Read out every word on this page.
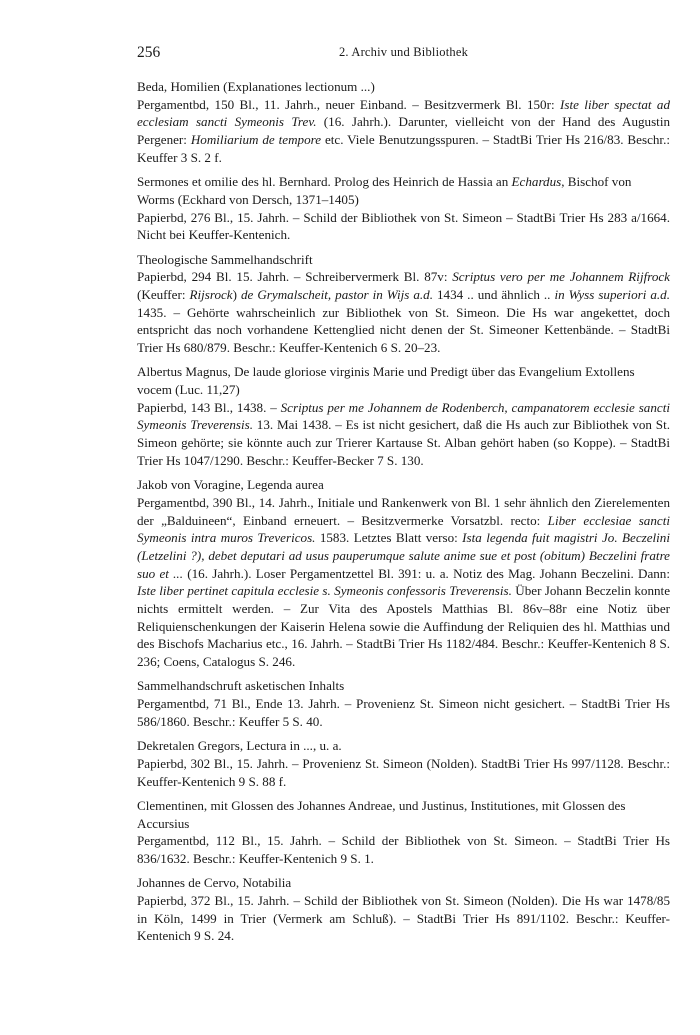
256	2. Archiv und Bibliothek

Beda, Homilien (Explanationes lectionum ...)

Pergamentbd, 150 Bl., 11. Jahrh., neuer Einband. – Besitzvermerk Bl. 150r: Iste liber spectat ad ecclesiam sancti Symeonis Trev. (16. Jahrh.). Darunter, vielleicht von der Hand des Augustin Pergener: Homiliarium de tempore etc. Viele Benutzungsspuren. – StadtBi Trier Hs 216/83. Beschr.: Keuffer 3 S. 2 f.

Sermones et omilie des hl. Bernhard. Prolog des Heinrich de Hassia an Echardus, Bischof von Worms (Eckhard von Dersch, 1371–1405)

Papierbd, 276 Bl., 15. Jahrh. – Schild der Bibliothek von St. Simeon – StadtBi Trier Hs 283 a/1664. Nicht bei Keuffer-Kentenich.

Theologische Sammelhandschrift

Papierbd, 294 Bl. 15. Jahrh. – Schreibervermerk Bl. 87v: Scriptus vero per me Johannem Rijfrock (Keuffer: Rijsrock) de Grymalscheit, pastor in Wijs a.d. 1434 .. und ähnlich .. in Wyss superiori a.d. 1435. – Gehörte wahrscheinlich zur Bibliothek von St. Simeon. Die Hs war angekettet, doch entspricht das noch vorhandene Kettenglied nicht denen der St. Simeoner Kettenbände. – StadtBi Trier Hs 680/879. Beschr.: Keuffer-Kentenich 6 S. 20–23.

Albertus Magnus, De laude gloriose virginis Marie und Predigt über das Evangelium Extollens vocem (Luc. 11,27)

Papierbd, 143 Bl., 1438. – Scriptus per me Johannem de Rodenberch, campanatorem ecclesie sancti Symeonis Treverensis. 13. Mai 1438. – Es ist nicht gesichert, daß die Hs auch zur Bibliothek von St. Simeon gehörte; sie könnte auch zur Trierer Kartause St. Alban gehört haben (so Koppe). – StadtBi Trier Hs 1047/1290. Beschr.: Keuffer-Becker 7 S. 130.

Jakob von Voragine, Legenda aurea

Pergamentbd, 390 Bl., 14. Jahrh., Initiale und Rankenwerk von Bl. 1 sehr ähnlich den Zierelementen der „Balduineen“, Einband erneuert. – Besitzvermerke Vorsatzbl. recto: Liber ecclesiae sancti Symeonis intra muros Trevericos. 1583. Letztes Blatt verso: Ista legenda fuit magistri Jo. Beczelini (Letzelini ?), debet deputari ad usus pauperumque salute anime sue et post (obitum) Beczelini fratre suo et ... (16. Jahrh.). Loser Pergamentzettel Bl. 391: u. a. Notiz des Mag. Johann Beczelini. Dann: Iste liber pertinet capitula ecclesie s. Symeonis confessoris Treverensis. Über Johann Beczelin konnte nichts ermittelt werden. – Zur Vita des Apostels Matthias Bl. 86v–88r eine Notiz über Reliquienschenkungen der Kaiserin Helena sowie die Auffindung der Reliquien des hl. Matthias und des Bischofs Macharius etc., 16. Jahrh. – StadtBi Trier Hs 1182/484. Beschr.: Keuffer-Kentenich 8 S. 236; Coens, Catalogus S. 246.

Sammelhandschruft asketischen Inhalts

Pergamentbd, 71 Bl., Ende 13. Jahrh. – Provenienz St. Simeon nicht gesichert. – StadtBi Trier Hs 586/1860. Beschr.: Keuffer 5 S. 40.

Dekretalen Gregors, Lectura in ..., u. a.

Papierbd, 302 Bl., 15. Jahrh. – Provenienz St. Simeon (Nolden). StadtBi Trier Hs 997/1128. Beschr.: Keuffer-Kentenich 9 S. 88 f.

Clementinen, mit Glossen des Johannes Andreae, und Justinus, Institutiones, mit Glossen des Accursius

Pergamentbd, 112 Bl., 15. Jahrh. – Schild der Bibliothek von St. Simeon. – StadtBi Trier Hs 836/1632. Beschr.: Keuffer-Kentenich 9 S. 1.

Johannes de Cervo, Notabilia

Papierbd, 372 Bl., 15. Jahrh. – Schild der Bibliothek von St. Simeon (Nolden). Die Hs war 1478/85 in Köln, 1499 in Trier (Vermerk am Schluß). – StadtBi Trier Hs 891/1102. Beschr.: Keuffer-Kentenich 9 S. 24.
